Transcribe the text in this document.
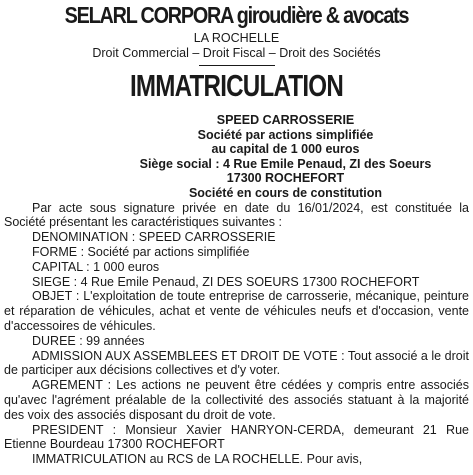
SELARL CORPORA giroudière & avocats
LA ROCHELLE
Droit Commercial – Droit Fiscal – Droit des Sociétés
IMMATRICULATION
SPEED CARROSSERIE
Société par actions simplifiée
au capital de 1 000 euros
Siège social : 4 Rue Emile Penaud, ZI des Soeurs
17300 ROCHEFORT
Société en cours de constitution

Par acte sous signature privée en date du 16/01/2024, est constituée la Société présentant les caractéristiques suivantes :

DENOMINATION : SPEED CARROSSERIE

FORME : Société par actions simplifiée

CAPITAL : 1 000 euros

SIEGE : 4 Rue Emile Penaud, ZI DES SOEURS 17300 ROCHEFORT

OBJET : L'exploitation de toute entreprise de carrosserie, mécanique, peinture et réparation de véhicules, achat et vente de véhicules neufs et d'occasion, vente d'accessoires de véhicules.

DUREE : 99 années

ADMISSION AUX ASSEMBLEES ET DROIT DE VOTE : Tout associé a le droit de participer aux décisions collectives et d'y voter.

AGREMENT : Les actions ne peuvent être cédées y compris entre associés qu'avec l'agrément préalable de la collectivité des associés statuant à la majorité des voix des associés disposant du droit de vote.

PRESIDENT : Monsieur Xavier HANRYON-CERDA, demeurant 21 Rue Etienne Bourdeau 17300 ROCHEFORT

IMMATRICULATION au RCS de LA ROCHELLE. Pour avis,
